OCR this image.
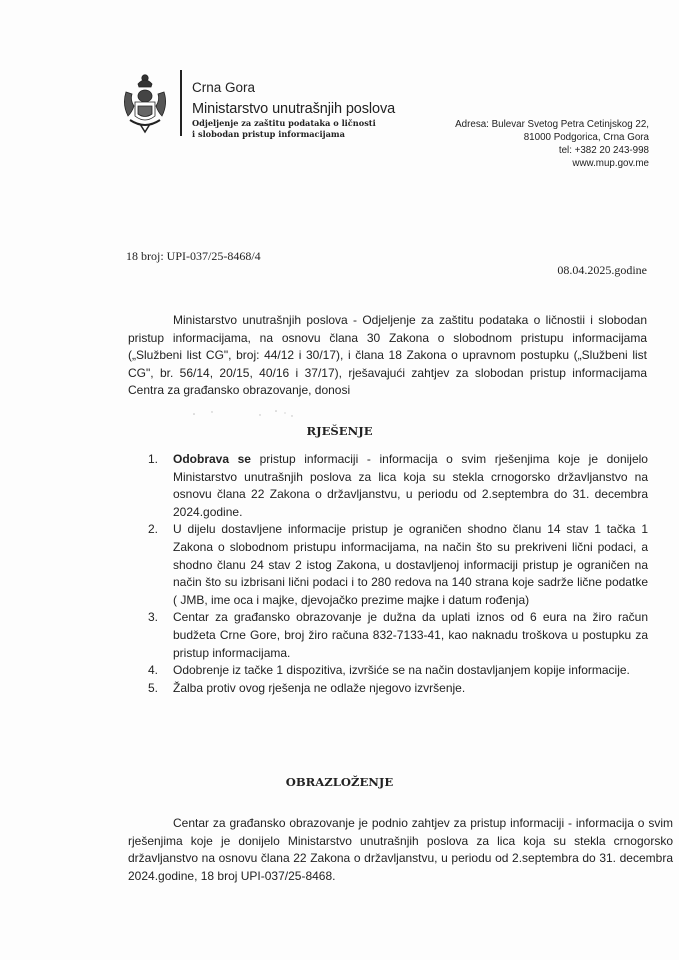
Crna Gora
Ministarstvo unutrašnjih poslova
Odjeljenje za zaštitu podataka o ličnosti
i slobodan pristup informacijama
Adresa: Bulevar Svetog Petra Cetinjskog 22,
81000 Podgorica, Crna Gora
tel: +382 20 243-998
www.mup.gov.me
18 broj: UPI-037/25-8468/4
08.04.2025.godine

Ministarstvo unutrašnjih poslova - Odjeljenje za zaštitu podataka o ličnostii i slobodan pristup informacijama, na osnovu člana 30 Zakona o slobodnom pristupu informacijama („Službeni list CG", broj: 44/12 i 30/17), i člana 18 Zakona o upravnom postupku („Službeni list CG", br. 56/14, 20/15, 40/16 i 37/17), rješavajući zahtjev za slobodan pristup informacijama Centra za građansko obrazovanje, donosi

RJEŠENJE
1. Odobrava se pristup informaciji - informacija o svim rješenjima koje je donijelo Ministarstvo unutrašnjih poslova za lica koja su stekla crnogorsko državljanstvo na osnovu člana 22 Zakona o državljanstvu, u periodu od 2.septembra do 31. decembra 2024.godine.
2. U dijelu dostavljene informacije pristup je ograničen shodno članu 14 stav 1 tačka 1 Zakona o slobodnom pristupu informacijama, na način što su prekriveni lični podaci, a shodno članu 24 stav 2 istog Zakona, u dostavljenoj informaciji pristup je ograničen na način što su izbrisani lični podaci i to 280 redova na 140 strana koje sadrže lične podatke ( JMB, ime oca i majke, djevojačko prezime majke i datum rođenja)
3. Centar za građansko obrazovanje je dužna da uplati iznos od 6 eura na žiro račun budžeta Crne Gore, broj žiro računa 832-7133-41, kao naknadu troškova u postupku za pristup informacijama.
4. Odobrenje iz tačke 1 dispozitiva, izvršiće se na način dostavljanjem kopije informacije.
5. Žalba protiv ovog rješenja ne odlaže njegovo izvršenje.
OBRAZLOŽENJE

Centar za građansko obrazovanje je podnio zahtjev za pristup informaciji - informacija o svim rješenjima koje je donijelo Ministarstvo unutrašnjih poslova za lica koja su stekla crnogorsko državljanstvo na osnovu člana 22 Zakona o državljanstvu, u periodu od 2.septembra do 31. decembra 2024.godine, 18 broj UPI-037/25-8468.
